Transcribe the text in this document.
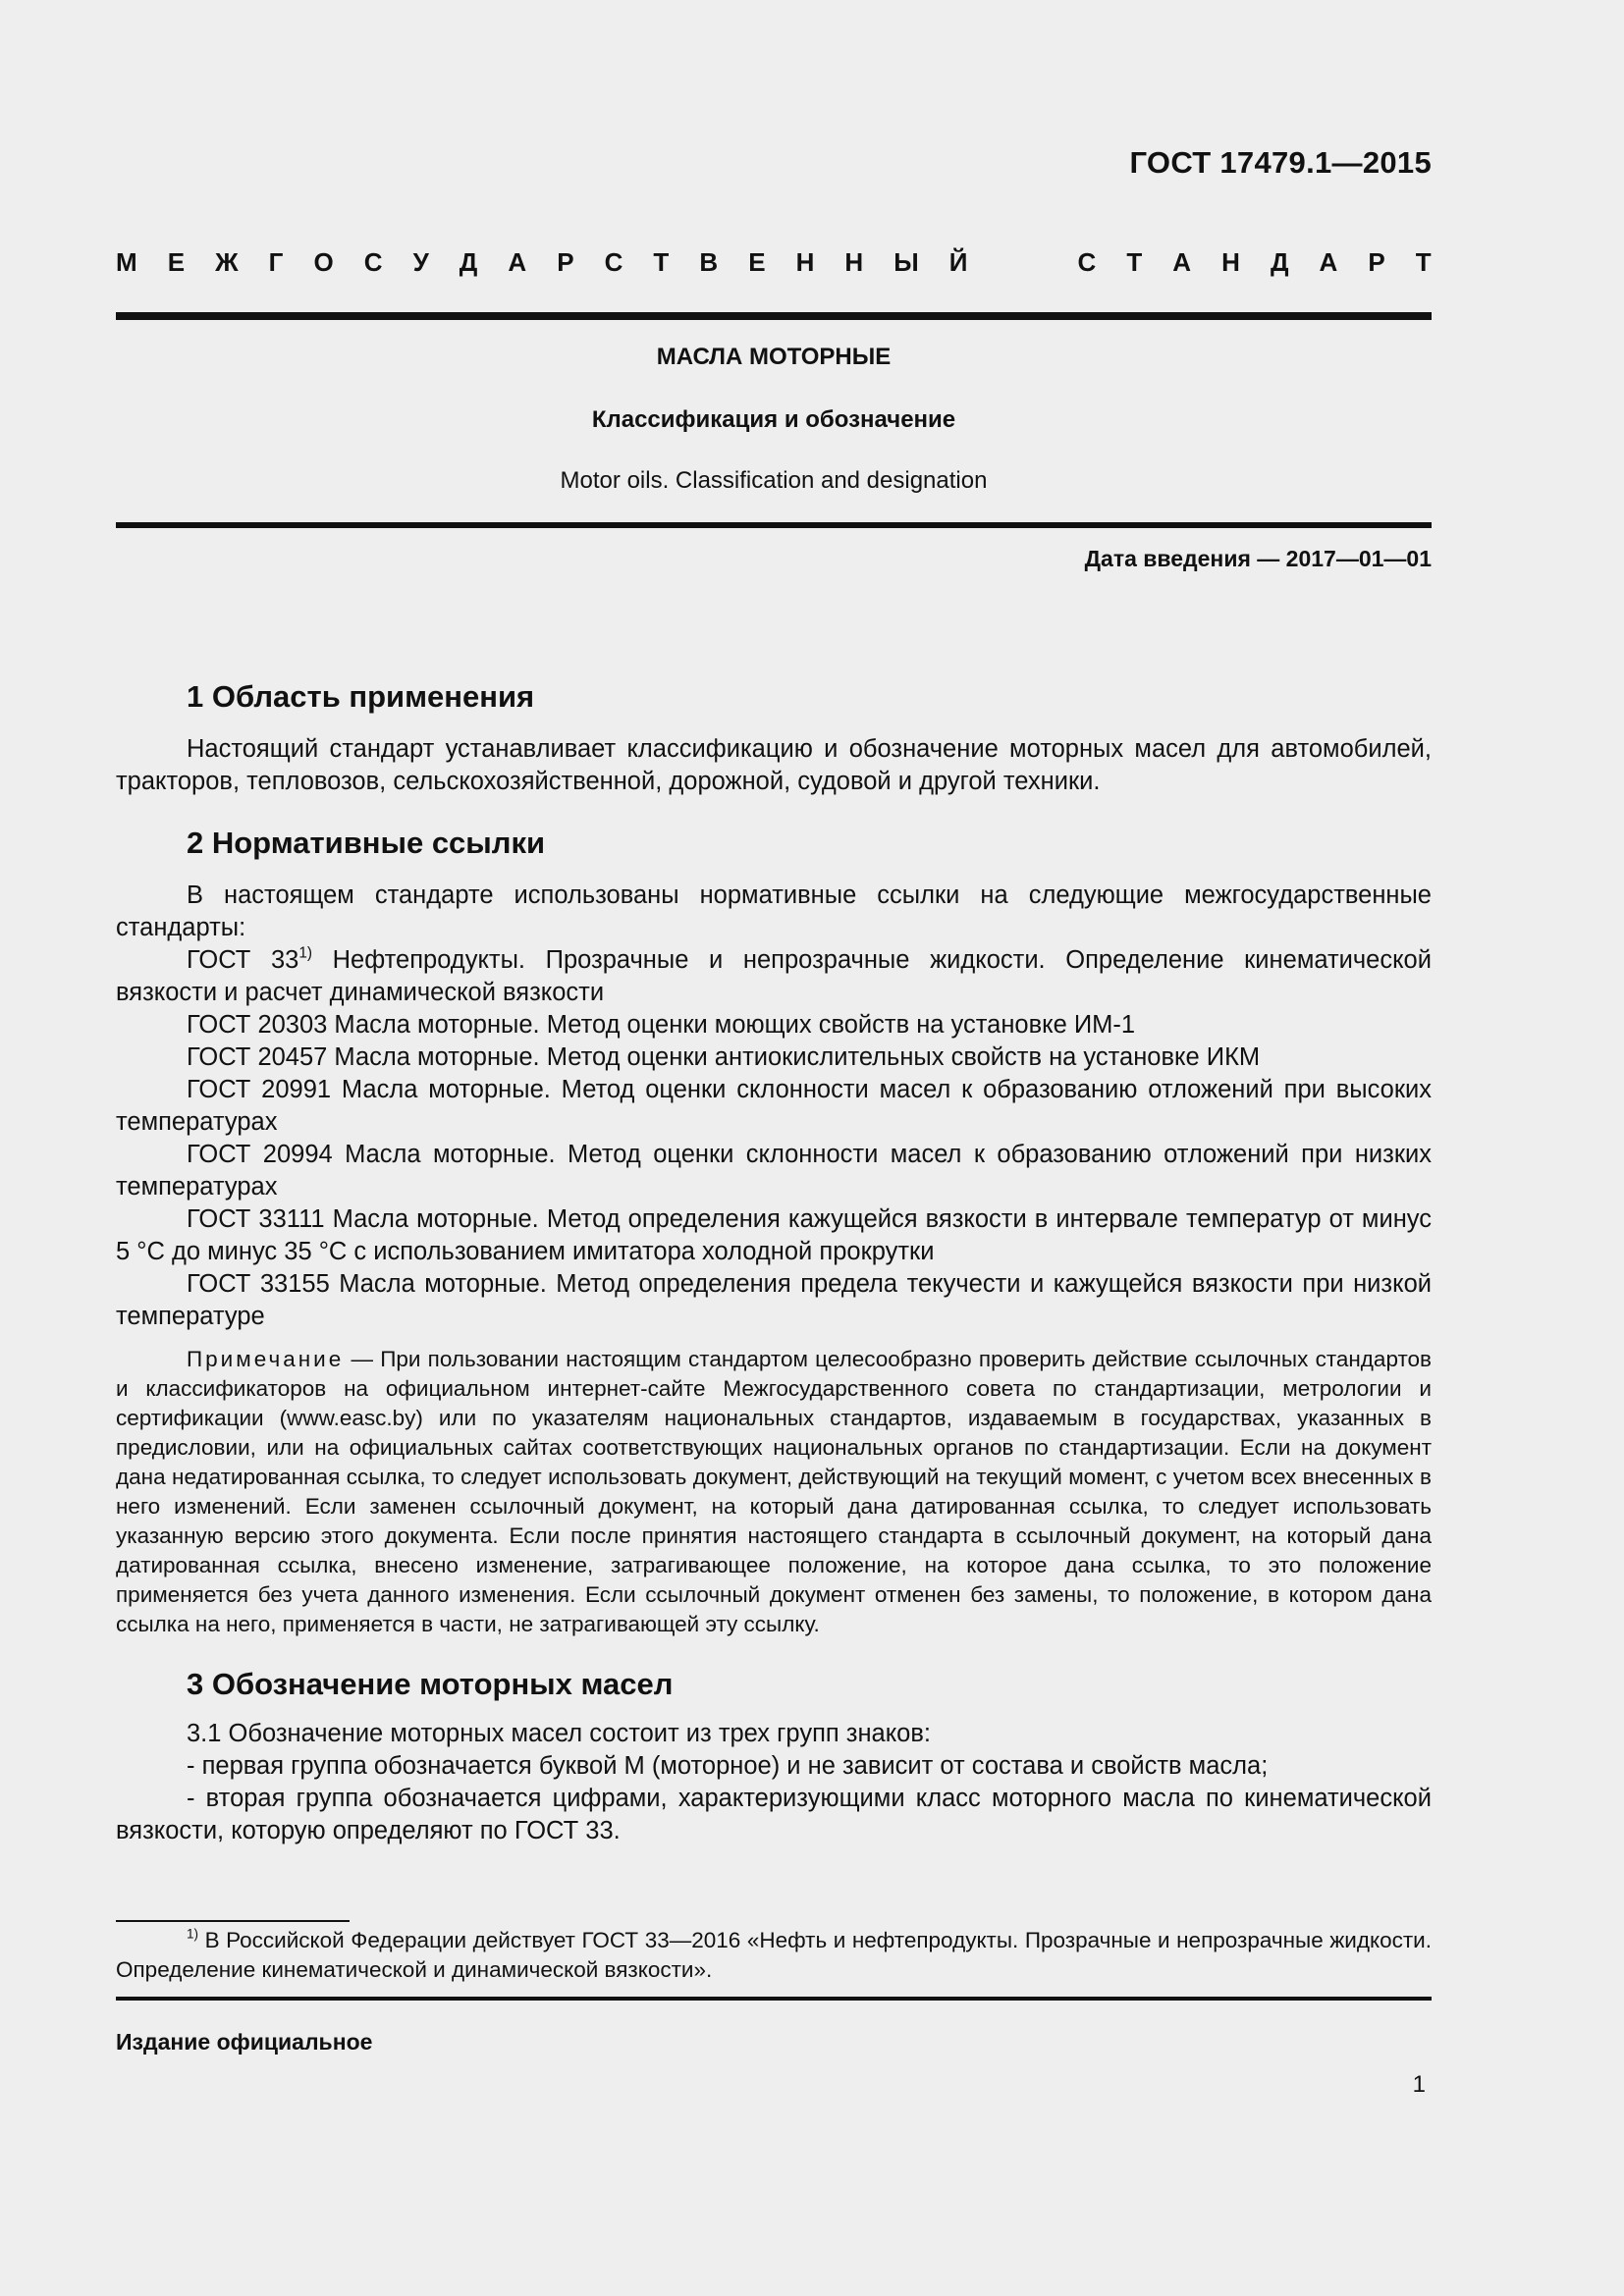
ГОСТ 17479.1—2015
М Е Ж Г О С У Д А Р С Т В Е Н Н Ы Й	С Т А Н Д А Р Т
МАСЛА МОТОРНЫЕ
Классификация и обозначение
Motor oils. Classification and designation
Дата введения — 2017—01—01
1 Область применения

Настоящий стандарт устанавливает классификацию и обозначение моторных масел для автомобилей, тракторов, тепловозов, сельскохозяйственной, дорожной, судовой и другой техники.

2 Нормативные ссылки

В настоящем стандарте использованы нормативные ссылки на следующие межгосударственные стандарты:

ГОСТ 33$^{1)}$ Нефтепродукты. Прозрачные и непрозрачные жидкости. Определение кинематической вязкости и расчет динамической вязкости

ГОСТ 20303 Масла моторные. Метод оценки моющих свойств на установке ИМ-1

ГОСТ 20457 Масла моторные. Метод оценки антиокислительных свойств на установке ИКМ

ГОСТ 20991 Масла моторные. Метод оценки склонности масел к образованию отложений при высоких температурах

ГОСТ 20994 Масла моторные. Метод оценки склонности масел к образованию отложений при низких температурах

ГОСТ 33111 Масла моторные. Метод определения кажущейся вязкости в интервале температур от минус 5 °С до минус 35 °С с использованием имитатора холодной прокрутки

ГОСТ 33155 Масла моторные. Метод определения предела текучести и кажущейся вязкости при низкой температуре

Примечание — При пользовании настоящим стандартом целесообразно проверить действие ссылочных стандартов и классификаторов на официальном интернет-сайте Межгосударственного совета по стандартизации, метрологии и сертификации (www.easc.by) или по указателям национальных стандартов, издаваемым в государствах, указанных в предисловии, или на официальных сайтах соответствующих национальных органов по стандартизации. Если на документ дана недатированная ссылка, то следует использовать документ, действующий на текущий момент, с учетом всех внесенных в него изменений. Если заменен ссылочный документ, на который дана датированная ссылка, то следует использовать указанную версию этого документа. Если после принятия настоящего стандарта в ссылочный документ, на который дана датированная ссылка, внесено изменение, затрагивающее положение, на которое дана ссылка, то это положение применяется без учета данного изменения. Если ссылочный документ отменен без замены, то положение, в котором дана ссылка на него, применяется в части, не затрагивающей эту ссылку.

3 Обозначение моторных масел

3.1 Обозначение моторных масел состоит из трех групп знаков:

- первая группа обозначается буквой М (моторное) и не зависит от состава и свойств масла;

- вторая группа обозначается цифрами, характеризующими класс моторного масла по кинематической вязкости, которую определяют по ГОСТ 33.

$^{1)}$ В Российской Федерации действует ГОСТ 33—2016 «Нефть и нефтепродукты. Прозрачные и непрозрачные жидкости. Определение кинематической и динамической вязкости».
Издание официальное
1
